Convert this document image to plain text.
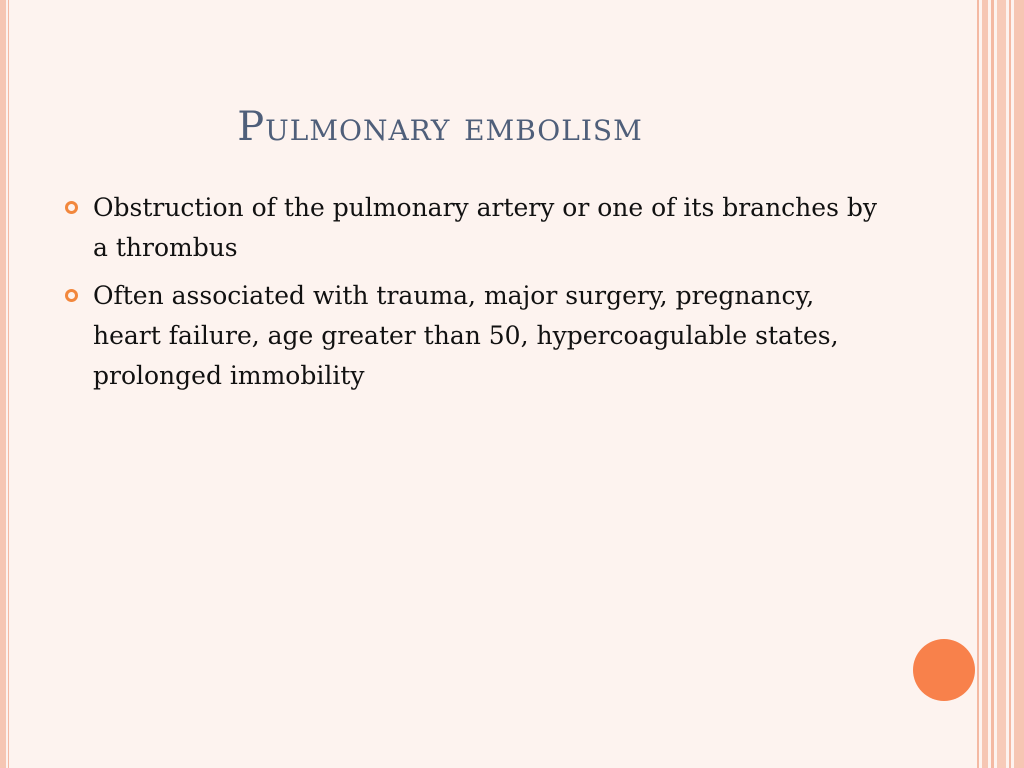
Pulmonary embolism
Obstruction of the pulmonary artery or one of its branches by a thrombus
Often associated with trauma, major surgery, pregnancy, heart failure, age greater than 50, hypercoagulable states, prolonged immobility
